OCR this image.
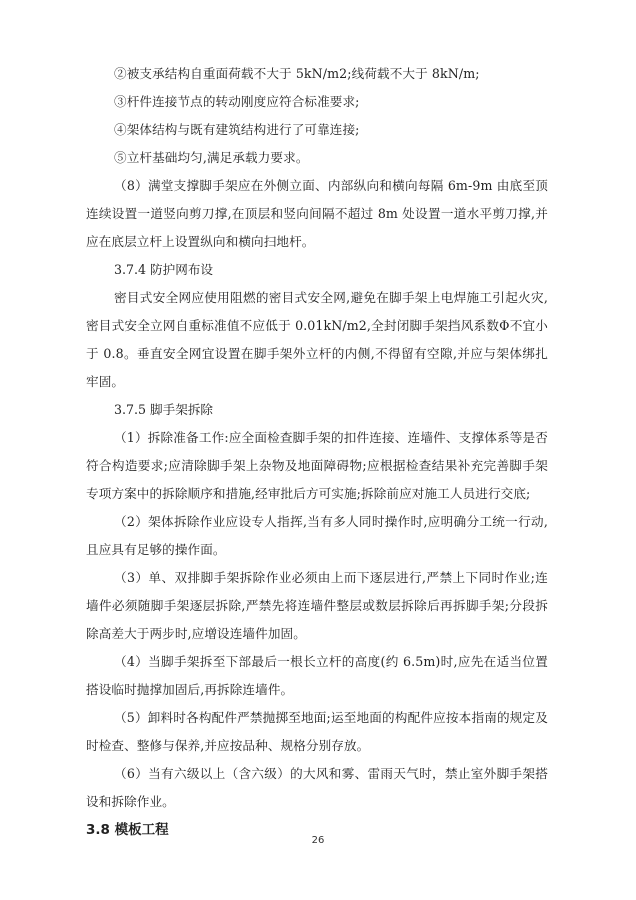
②被支承结构自重面荷载不大于 5kN/m2;线荷载不大于 8kN/m;

③杆件连接节点的转动刚度应符合标准要求;

④架体结构与既有建筑结构进行了可靠连接;

⑤立杆基础均匀,满足承载力要求。

（8）满堂支撑脚手架应在外侧立面、内部纵向和横向每隔 6m-9m 由底至顶连续设置一道竖向剪刀撑,在顶层和竖向间隔不超过 8m 处设置一道水平剪刀撑,并应在底层立杆上设置纵向和横向扫地杆。

3.7.4 防护网布设

密目式安全网应使用阻燃的密目式安全网,避免在脚手架上电焊施工引起火灾,密目式安全立网自重标准值不应低于 0.01kN/m2,全封闭脚手架挡风系数Φ不宜小于 0.8。垂直安全网宜设置在脚手架外立杆的内侧,不得留有空隙,并应与架体绑扎牢固。

3.7.5 脚手架拆除

（1）拆除准备工作:应全面检查脚手架的扣件连接、连墙件、支撑体系等是否符合构造要求;应清除脚手架上杂物及地面障碍物;应根据检查结果补充完善脚手架专项方案中的拆除顺序和措施,经审批后方可实施;拆除前应对施工人员进行交底;

（2）架体拆除作业应设专人指挥,当有多人同时操作时,应明确分工统一行动,且应具有足够的操作面。

（3）单、双排脚手架拆除作业必须由上而下逐层进行,严禁上下同时作业;连墙件必须随脚手架逐层拆除,严禁先将连墙件整层或数层拆除后再拆脚手架;分段拆除高差大于两步时,应增设连墙件加固。

（4）当脚手架拆至下部最后一根长立杆的高度(约 6.5m)时,应先在适当位置搭设临时抛撑加固后,再拆除连墙件。

（5）卸料时各构配件严禁抛掷至地面;运至地面的构配件应按本指南的规定及时检查、整修与保养,并应按品种、规格分别存放。

（6）当有六级以上（含六级）的大风和雾、雷雨天气时，禁止室外脚手架搭设和拆除作业。

3.8 模板工程

26
